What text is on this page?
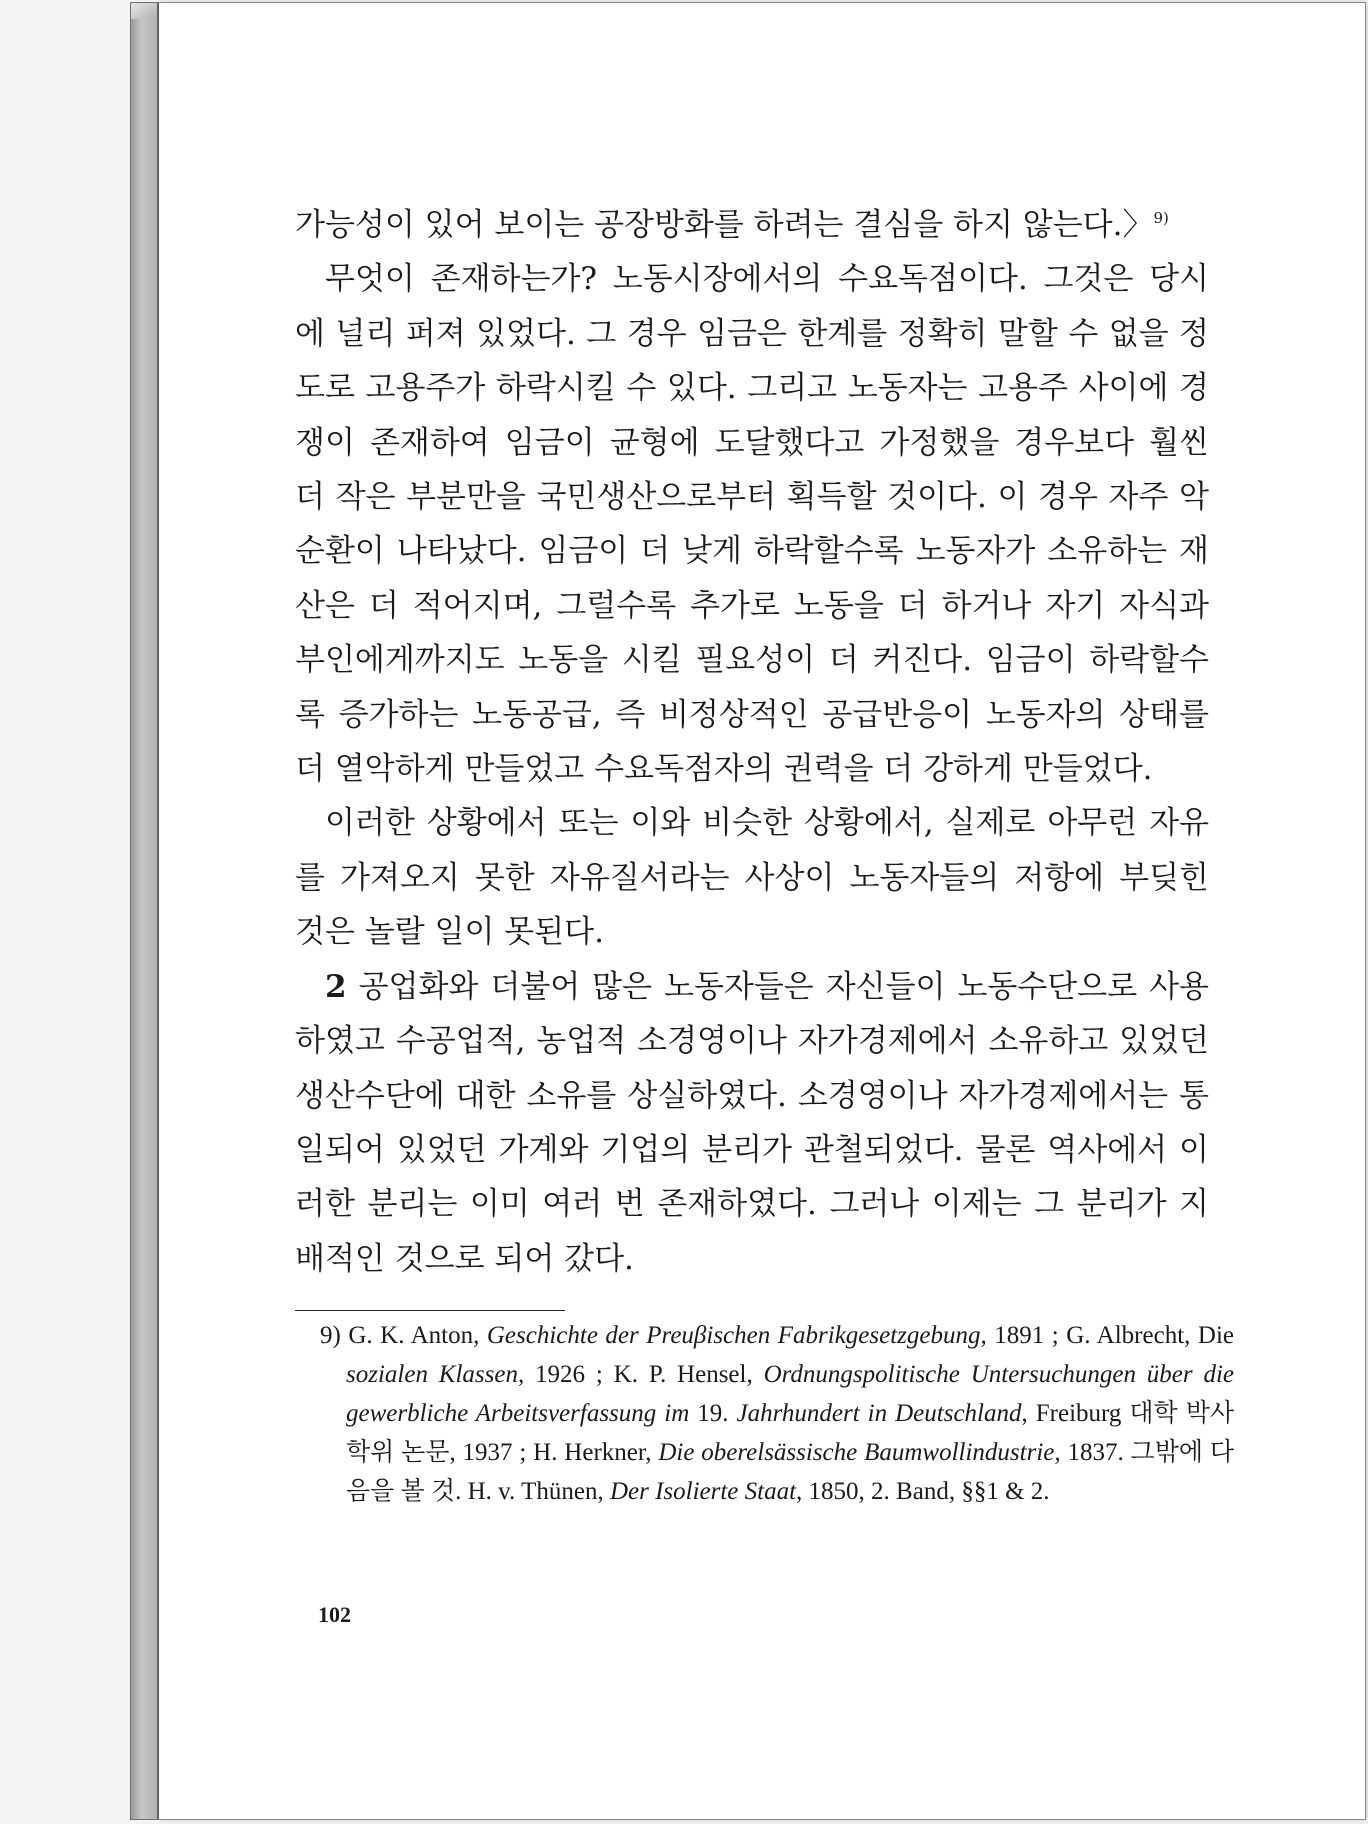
가능성이 있어 보이는 공장방화를 하려는 결심을 하지 않는다.〉$^{9)}$

무엇이 존재하는가? 노동시장에서의 수요독점이다. 그것은 당시에 널리 퍼져 있었다. 그 경우 임금은 한계를 정확히 말할 수 없을 정도로 고용주가 하락시킬 수 있다. 그리고 노동자는 고용주 사이에 경쟁이 존재하여 임금이 균형에 도달했다고 가정했을 경우보다 훨씬 더 작은 부분만을 국민생산으로부터 획득할 것이다. 이 경우 자주 악순환이 나타났다. 임금이 더 낮게 하락할수록 노동자가 소유하는 재산은 더 적어지며, 그럴수록 추가로 노동을 더 하거나 자기 자식과 부인에게까지도 노동을 시킬 필요성이 더 커진다. 임금이 하락할수록 증가하는 노동공급, 즉 비정상적인 공급반응이 노동자의 상태를 더 열악하게 만들었고 수요독점자의 권력을 더 강하게 만들었다.

이러한 상황에서 또는 이와 비슷한 상황에서, 실제로 아무런 자유를 가져오지 못한 자유질서라는 사상이 노동자들의 저항에 부딪힌 것은 놀랄 일이 못된다.

2 공업화와 더불어 많은 노동자들은 자신들이 노동수단으로 사용하였고 수공업적, 농업적 소경영이나 자가경제에서 소유하고 있었던 생산수단에 대한 소유를 상실하였다. 소경영이나 자가경제에서는 통일되어 있었던 가계와 기업의 분리가 관철되었다. 물론 역사에서 이러한 분리는 이미 여러 번 존재하였다. 그러나 이제는 그 분리가 지배적인 것으로 되어 갔다.

9) G. K. Anton, Geschichte der Preuβischen Fabrikgesetzgebung, 1891 ; G. Albrecht, Die sozialen Klassen, 1926 ; K. P. Hensel, Ordnungspolitische Untersuchungen über die gewerbliche Arbeitsverfassung im 19. Jahrhundert in Deutschland, Freiburg 대학 박사학위 논문, 1937 ; H. Herkner, Die oberelsässische Baumwollindustrie, 1837. 그밖에 다음을 볼 것. H. v. Thünen, Der Isolierte Staat, 1850, 2. Band, §§1 & 2.
102
